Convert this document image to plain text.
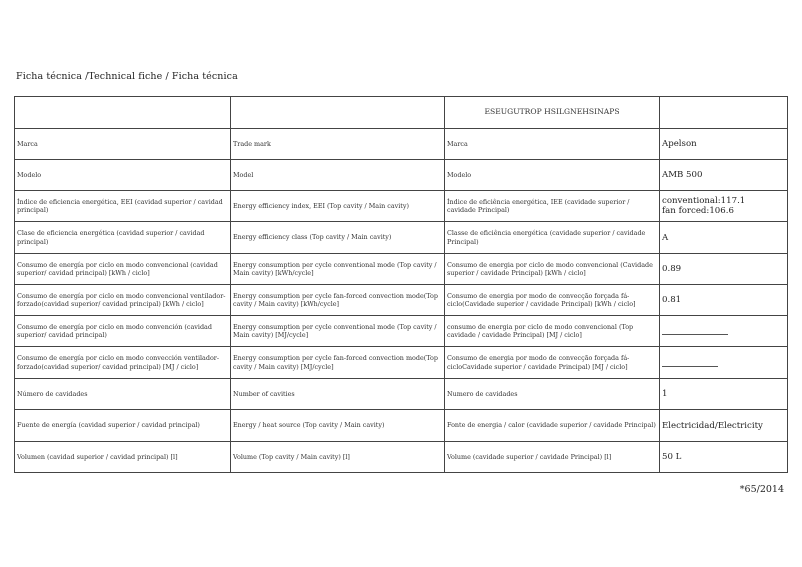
Ficha técnica /Technical fiche / Ficha técnica
		ESEUGUTROP HSILGNEHSINAPS	
Marca	Trade mark	Marca	Apelson
Modelo	Model	Modelo	AMB 500
Índice de eficiencia energética, EEI (cavidad superior / cavidad principal)	Energy efficiency index, EEI (Top cavity / Main cavity)	Índice de eficiência energética, IEE (cavidade superior / cavidade Principal)	conventional:117.1
fan forced:106.6

Clase de eficiencia energética (cavidad superior / cavidad principal)	Energy efficiency class (Top cavity / Main cavity)	Classe de eficiência energética (cavidade superior / cavidade Principal)	A
Consumo de energía por ciclo en modo convencional (cavidad superior/ cavidad principal) [kWh / ciclo]	Energy consumption per cycle conventional mode (Top cavity / Main cavity) [kWh/cycle]	Consumo de energia por ciclo de modo convencional (Cavidade superior / cavidade Principal) [kWh / ciclo]	0.89
Consumo de energía por ciclo en modo convencional ventilador-forzado(cavidad superior/ cavidad principal) [kWh / ciclo]	Energy consumption per cycle fan-forced convection mode(Top cavity / Main cavity) [kWh/cycle]	Consumo de energia por modo de convecção forçada fá-ciclo(Cavidade superior / cavidade Principal) [kWh / ciclo]	0.81
Consumo de energía por ciclo en modo convención (cavidad superior/ cavidad principal)	Energy consumption per cycle conventional mode (Top cavity / Main cavity) [MJ/cycle]	consumo de energia por ciclo de modo convencional (Top cavidade / cavidade Principal) [MJ / ciclo]	
Consumo de energía por ciclo en modo convección ventilador-forzado(cavidad superior/ cavidad principal) [MJ / ciclo]	Energy consumption per cycle fan-forced convection mode(Top cavity / Main cavity) [MJ/cycle]	Consumo de energia por modo de convecção forçada fá-cicloCavidade superior / cavidade Principal) [MJ / ciclo]	
Número de cavidades	Number of cavities	Numero de cavidades	1
Fuente de energía (cavidad superior / cavidad principal)	Energy / heat source (Top cavity / Main cavity)	Fonte de energia / calor (cavidade superior / cavidade Principal)	Electricidad/Electricity
Volumen (cavidad superior / cavidad principal) [l]	Volume (Top cavity / Main cavity) [l]	Volume (cavidade superior / cavidade Principal) [l]	50 L
*65/2014
